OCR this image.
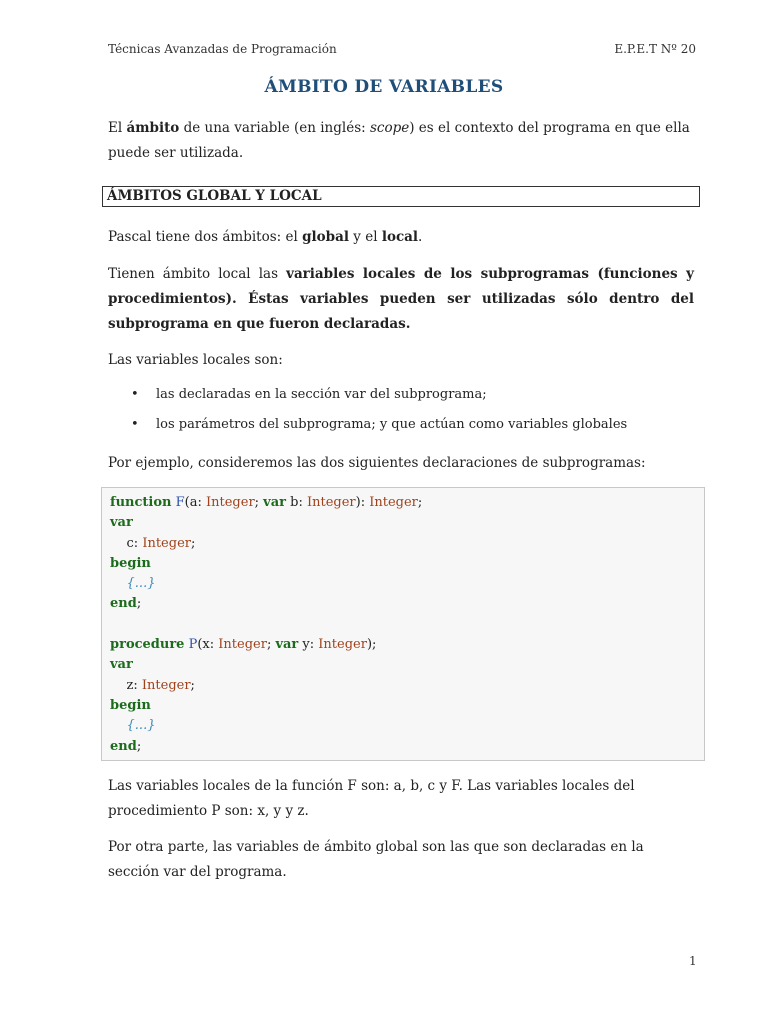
Técnicas Avanzadas de Programación	E.P.E.T Nº 20
ÁMBITO DE VARIABLES
El ámbito de una variable (en inglés: scope) es el contexto del programa en que ella puede ser utilizada.
ÁMBITOS GLOBAL Y LOCAL
Pascal tiene dos ámbitos: el global y el local.
Tienen ámbito local las variables locales de los subprogramas (funciones y procedimientos). Éstas variables pueden ser utilizadas sólo dentro del subprograma en que fueron declaradas.
Las variables locales son:
• las declaradas en la sección var del subprograma;
• los parámetros del subprograma; y que actúan como variables globales
Por ejemplo, consideremos las dos siguientes declaraciones de subprogramas:
function F(a: Integer; var b: Integer): Integer;
var
c: Integer;
begin
{...}
end;

procedure P(x: Integer; var y: Integer);
var
z: Integer;
begin
{...}
end;
Las variables locales de la función F son: a, b, c y F. Las variables locales del procedimiento P son: x, y y z.
Por otra parte, las variables de ámbito global son las que son declaradas en la sección var del programa.
1
